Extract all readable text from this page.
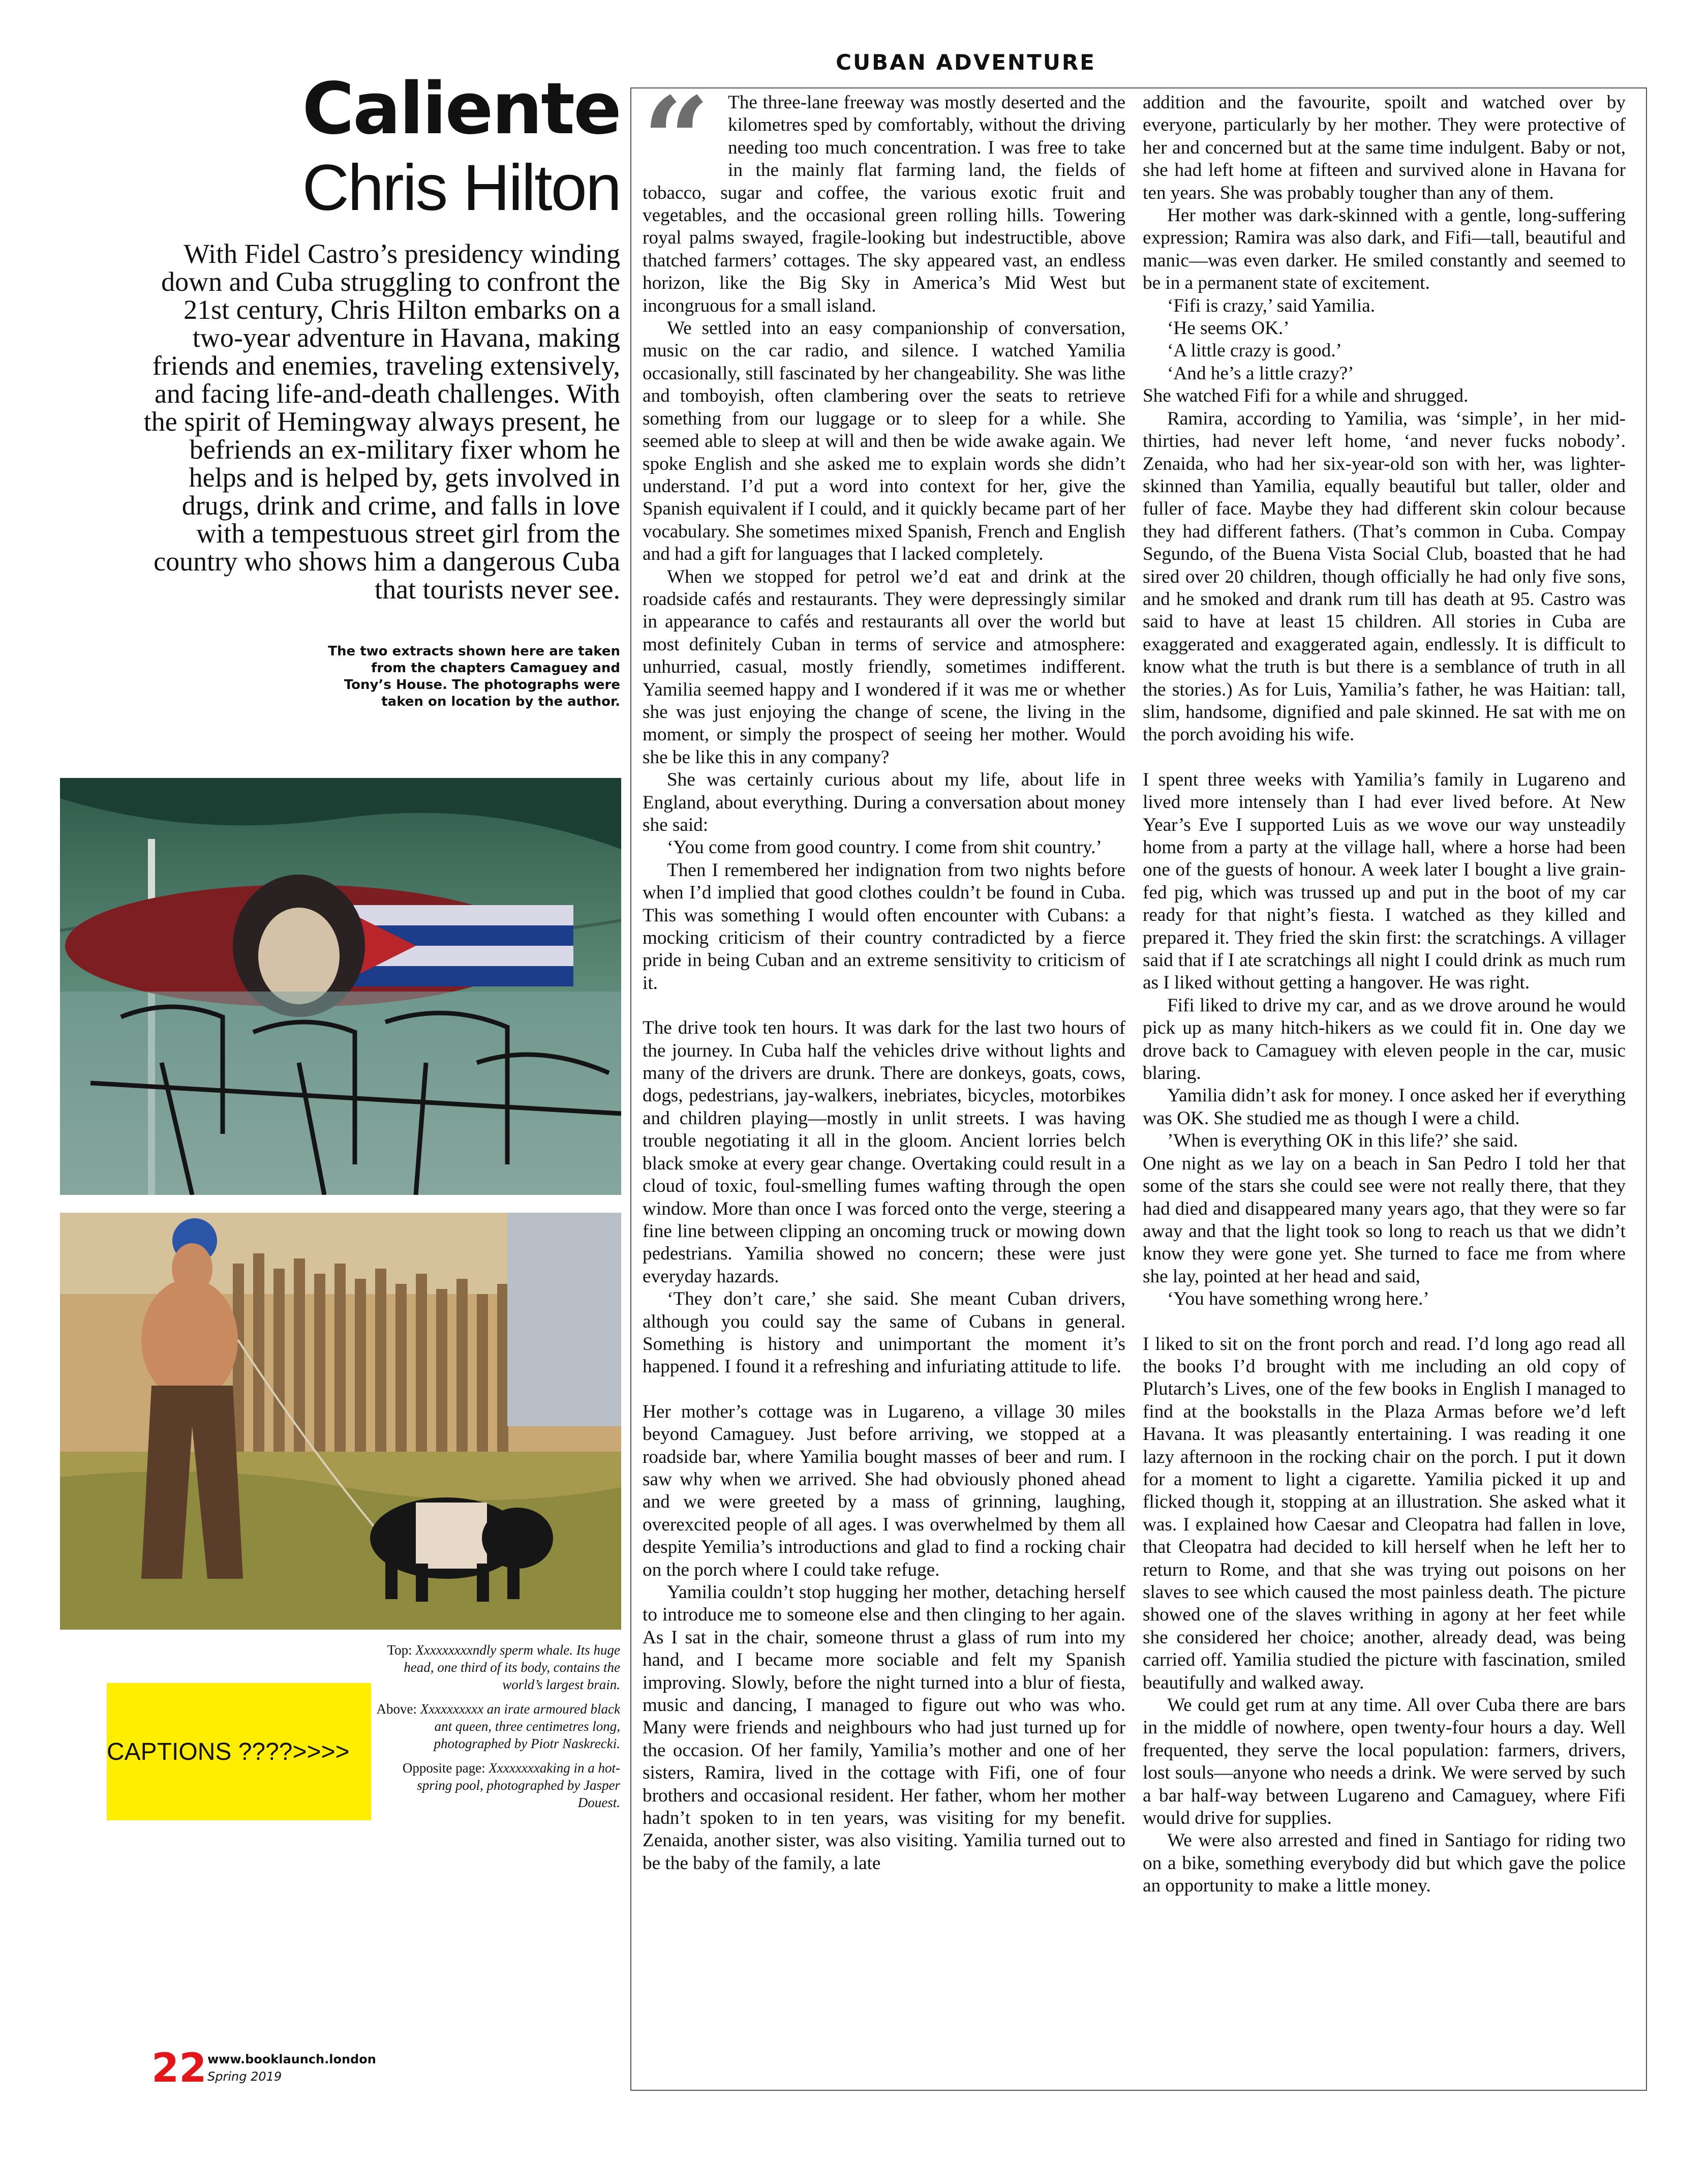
CUBAN ADVENTURE
Caliente
Chris Hilton
With Fidel Castro’s presidency winding down and Cuba struggling to confront the 21st century, Chris Hilton embarks on a two-year adventure in Havana, making friends and enemies, traveling extensively, and facing life-and-death challenges. With the spirit of Hemingway always present, he befriends an ex-military fixer whom he helps and is helped by, gets involved in drugs, drink and crime, and falls in love with a tempestuous street girl from the country who shows him a dangerous Cuba that tourists never see.
The two extracts shown here are taken from the chapters Camaguey and Tony’s House. The photographs were taken on location by the author.

Top: Xxxxxxxxxndly sperm whale. Its huge head, one third of its body, contains the world’s largest brain.

Above: Xxxxxxxxxx an irate armoured black ant queen, three centimetres long, photographed by Piotr Naskrecki.

Opposite page: Xxxxxxxxaking in a hot-spring pool, photographed by Jasper Douest.

CAPTIONS ????>>>>
22 www.booklaunch.london
Spring 2019
“ The three-lane freeway was mostly deserted and the kilometres sped by comfortably, without the driving needing too much concentration. I was free to take in the mainly flat farming land, the fields of tobacco, sugar and coffee, the various exotic fruit and vegetables, and the occasional green rolling hills. Towering royal palms swayed, fragile-looking but indestructible, above thatched farmers’ cottages. The sky appeared vast, an endless horizon, like the Big Sky in America’s Mid West but incongruous for a small island.

We settled into an easy companionship of conversation, music on the car radio, and silence. I watched Yamilia occasionally, still fascinated by her changeability. She was lithe and tomboyish, often clambering over the seats to retrieve something from our luggage or to sleep for a while. She seemed able to sleep at will and then be wide awake again. We spoke English and she asked me to explain words she didn’t understand. I’d put a word into context for her, give the Spanish equivalent if I could, and it quickly became part of her vocabulary. She sometimes mixed Spanish, French and English and had a gift for languages that I lacked completely.

When we stopped for petrol we’d eat and drink at the roadside cafés and restaurants. They were depressingly similar in appearance to cafés and restaurants all over the world but most definitely Cuban in terms of service and atmosphere: unhurried, casual, mostly friendly, sometimes indifferent. Yamilia seemed happy and I wondered if it was me or whether she was just enjoying the change of scene, the living in the moment, or simply the prospect of seeing her mother. Would she be like this in any company?

She was certainly curious about my life, about life in England, about everything. During a conversation about money she said:

‘You come from good country. I come from shit country.’

Then I remembered her indignation from two nights before when I’d implied that good clothes couldn’t be found in Cuba. This was something I would often encounter with Cubans: a mocking criticism of their country contradicted by a fierce pride in being Cuban and an extreme sensitivity to criticism of it.

The drive took ten hours. It was dark for the last two hours of the journey. In Cuba half the vehicles drive without lights and many of the drivers are drunk. There are donkeys, goats, cows, dogs, pedestrians, jay-walkers, inebriates, bicycles, motorbikes and children playing—mostly in unlit streets. I was having trouble negotiating it all in the gloom. Ancient lorries belch black smoke at every gear change. Overtaking could result in a cloud of toxic, foul-smelling fumes wafting through the open window. More than once I was forced onto the verge, steering a fine line between clipping an oncoming truck or mowing down pedestrians. Yamilia showed no concern; these were just everyday hazards.

‘They don’t care,’ she said. She meant Cuban drivers, although you could say the same of Cubans in general. Something is history and unimportant the moment it’s happened. I found it a refreshing and infuriating attitude to life.

Her mother’s cottage was in Lugareno, a village 30 miles beyond Camaguey. Just before arriving, we stopped at a roadside bar, where Yamilia bought masses of beer and rum. I saw why when we arrived. She had obviously phoned ahead and we were greeted by a mass of grinning, laughing, overexcited people of all ages. I was overwhelmed by them all despite Yemilia’s introductions and glad to find a rocking chair on the porch where I could take refuge.

Yamilia couldn’t stop hugging her mother, detaching herself to introduce me to someone else and then clinging to her again. As I sat in the chair, someone thrust a glass of rum into my hand, and I became more sociable and felt my Spanish improving. Slowly, before the night turned into a blur of fiesta, music and dancing, I managed to figure out who was who. Many were friends and neighbours who had just turned up for the occasion. Of her family, Yamilia’s mother and one of her sisters, Ramira, lived in the cottage with Fifi, one of four brothers and occasional resident. Her father, whom her mother hadn’t spoken to in ten years, was visiting for my benefit. Zenaida, another sister, was also visiting. Yamilia turned out to be the baby of the family, a late

addition and the favourite, spoilt and watched over by everyone, particularly by her mother. They were protective of her and concerned but at the same time indulgent. Baby or not, she had left home at fifteen and survived alone in Havana for ten years. She was probably tougher than any of them.

Her mother was dark-skinned with a gentle, long-suffering expression; Ramira was also dark, and Fifi—tall, beautiful and manic—was even darker. He smiled constantly and seemed to be in a permanent state of excitement.

‘Fifi is crazy,’ said Yamilia.

‘He seems OK.’

‘A little crazy is good.’

‘And he’s a little crazy?’

She watched Fifi for a while and shrugged.

Ramira, according to Yamilia, was ‘simple’, in her mid-thirties, had never left home, ‘and never fucks nobody’. Zenaida, who had her six-year-old son with her, was lighter-skinned than Yamilia, equally beautiful but taller, older and fuller of face. Maybe they had different skin colour because they had different fathers. (That’s common in Cuba. Compay Segundo, of the Buena Vista Social Club, boasted that he had sired over 20 children, though officially he had only five sons, and he smoked and drank rum till has death at 95. Castro was said to have at least 15 children. All stories in Cuba are exaggerated and exaggerated again, endlessly. It is difficult to know what the truth is but there is a semblance of truth in all the stories.) As for Luis, Yamilia’s father, he was Haitian: tall, slim, handsome, dignified and pale skinned. He sat with me on the porch avoiding his wife.

I spent three weeks with Yamilia’s family in Lugareno and lived more intensely than I had ever lived before. At New Year’s Eve I supported Luis as we wove our way unsteadily home from a party at the village hall, where a horse had been one of the guests of honour. A week later I bought a live grain-fed pig, which was trussed up and put in the boot of my car ready for that night’s fiesta. I watched as they killed and prepared it. They fried the skin first: the scratchings. A villager said that if I ate scratchings all night I could drink as much rum as I liked without getting a hangover. He was right.

Fifi liked to drive my car, and as we drove around he would pick up as many hitch-hikers as we could fit in. One day we drove back to Camaguey with eleven people in the car, music blaring.

Yamilia didn’t ask for money. I once asked her if everything was OK. She studied me as though I were a child.

’When is everything OK in this life?’ she said.

One night as we lay on a beach in San Pedro I told her that some of the stars she could see were not really there, that they had died and disappeared many years ago, that they were so far away and that the light took so long to reach us that we didn’t know they were gone yet. She turned to face me from where she lay, pointed at her head and said,

‘You have something wrong here.’

I liked to sit on the front porch and read. I’d long ago read all the books I’d brought with me including an old copy of Plutarch’s Lives, one of the few books in English I managed to find at the bookstalls in the Plaza Armas before we’d left Havana. It was pleasantly entertaining. I was reading it one lazy afternoon in the rocking chair on the porch. I put it down for a moment to light a cigarette. Yamilia picked it up and flicked though it, stopping at an illustration. She asked what it was. I explained how Caesar and Cleopatra had fallen in love, that Cleopatra had decided to kill herself when he left her to return to Rome, and that she was trying out poisons on her slaves to see which caused the most painless death. The picture showed one of the slaves writhing in agony at her feet while she considered her choice; another, already dead, was being carried off. Yamilia studied the picture with fascination, smiled beautifully and walked away.

We could get rum at any time. All over Cuba there are bars in the middle of nowhere, open twenty-four hours a day. Well frequented, they serve the local population: farmers, drivers, lost souls—anyone who needs a drink. We were served by such a bar half-way between Lugareno and Camaguey, where Fifi would drive for supplies.

We were also arrested and fined in Santiago for riding two on a bike, something everybody did but which gave the police an opportunity to make a little money.
